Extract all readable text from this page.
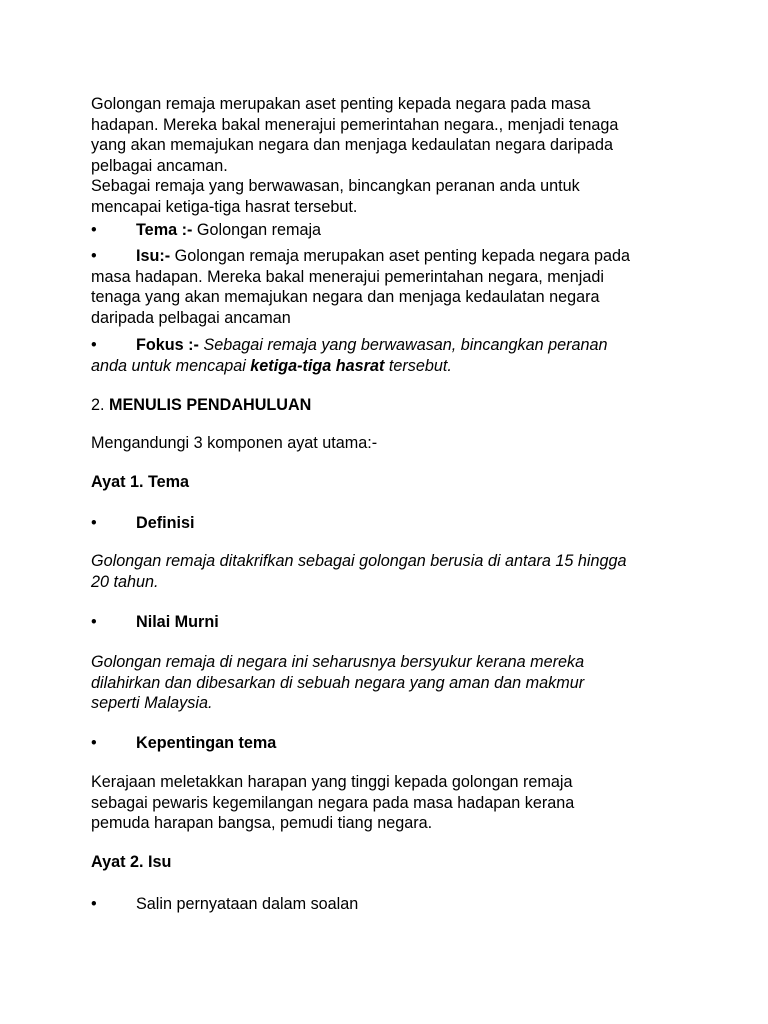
Golongan remaja merupakan aset penting kepada negara pada masa
hadapan. Mereka bakal menerajui pemerintahan negara., menjadi tenaga
yang akan memajukan negara dan menjaga kedaulatan negara daripada
pelbagai ancaman.
Sebagai remaja yang berwawasan, bincangkan peranan anda untuk
mencapai ketiga-tiga hasrat tersebut.
• Tema :- Golongan remaja
•	Isu:- Golongan remaja merupakan aset penting kepada negara pada
masa hadapan. Mereka bakal menerajui pemerintahan negara, menjadi
tenaga yang akan memajukan negara dan menjaga kedaulatan negara
daripada pelbagai ancaman
•	Fokus :- Sebagai remaja yang berwawasan, bincangkan peranan
anda untuk mencapai ketiga-tiga hasrat tersebut.
2. MENULIS PENDAHULUAN
Mengandungi 3 komponen ayat utama:-
Ayat 1. Tema
• Definisi
Golongan remaja ditakrifkan sebagai golongan berusia di antara 15 hingga
20 tahun.
• Nilai Murni
Golongan remaja di negara ini seharusnya bersyukur kerana mereka
dilahirkan dan dibesarkan di sebuah negara yang aman dan makmur
seperti Malaysia.
• Kepentingan tema
Kerajaan meletakkan harapan yang tinggi kepada golongan remaja
sebagai pewaris kegemilangan negara pada masa hadapan kerana
pemuda harapan bangsa, pemudi tiang negara.
Ayat 2. Isu
• Salin pernyataan dalam soalan
